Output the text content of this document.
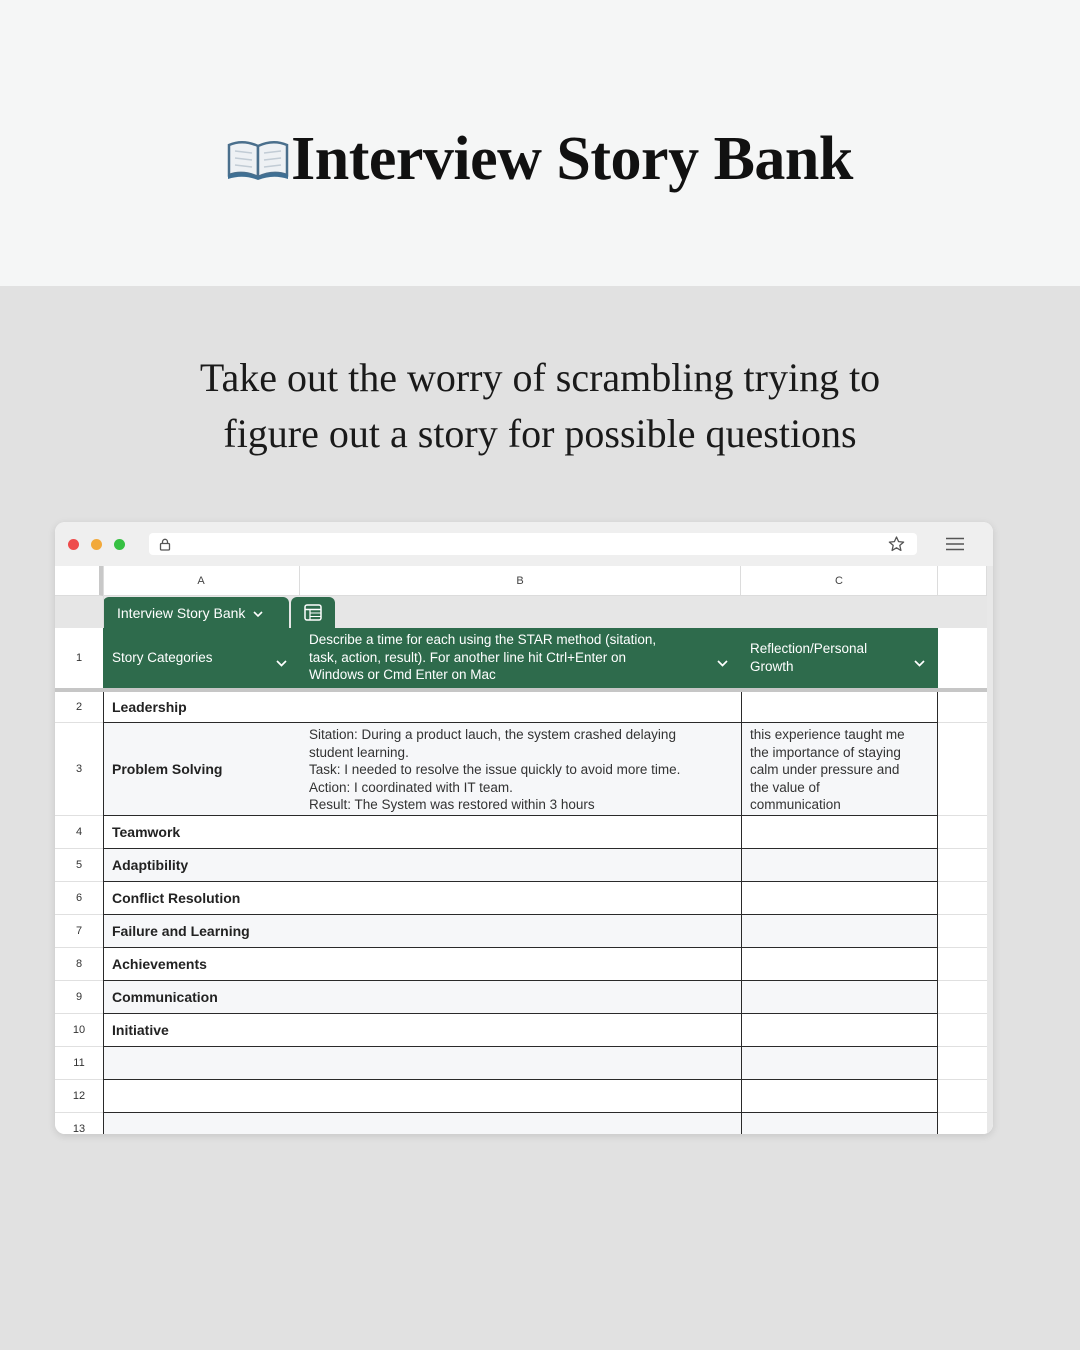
Interview Story Bank
Take out the worry of scrambling trying to
figure out a story for possible questions
A	B	C
Interview Story Bank
1
2
3
4
5
6
7
8
9
10
11
12
13
Story Categories
Describe a time for each using the STAR method (sitation,
task, action, result). For another line hit Ctrl+Enter on
Windows or Cmd Enter on Mac
Reflection/Personal
Growth
Leadership
Problem Solving
Sitation: During a product lauch, the system crashed delaying
student learning.
Task: I needed to resolve the issue quickly to avoid more time.
Action: I coordinated with IT team.
Result: The System was restored within 3 hours
this experience taught me
the importance of staying
calm under pressure and
the value of
communication
Teamwork
Adaptibility
Conflict Resolution
Failure and Learning
Achievements
Communication
Initiative
